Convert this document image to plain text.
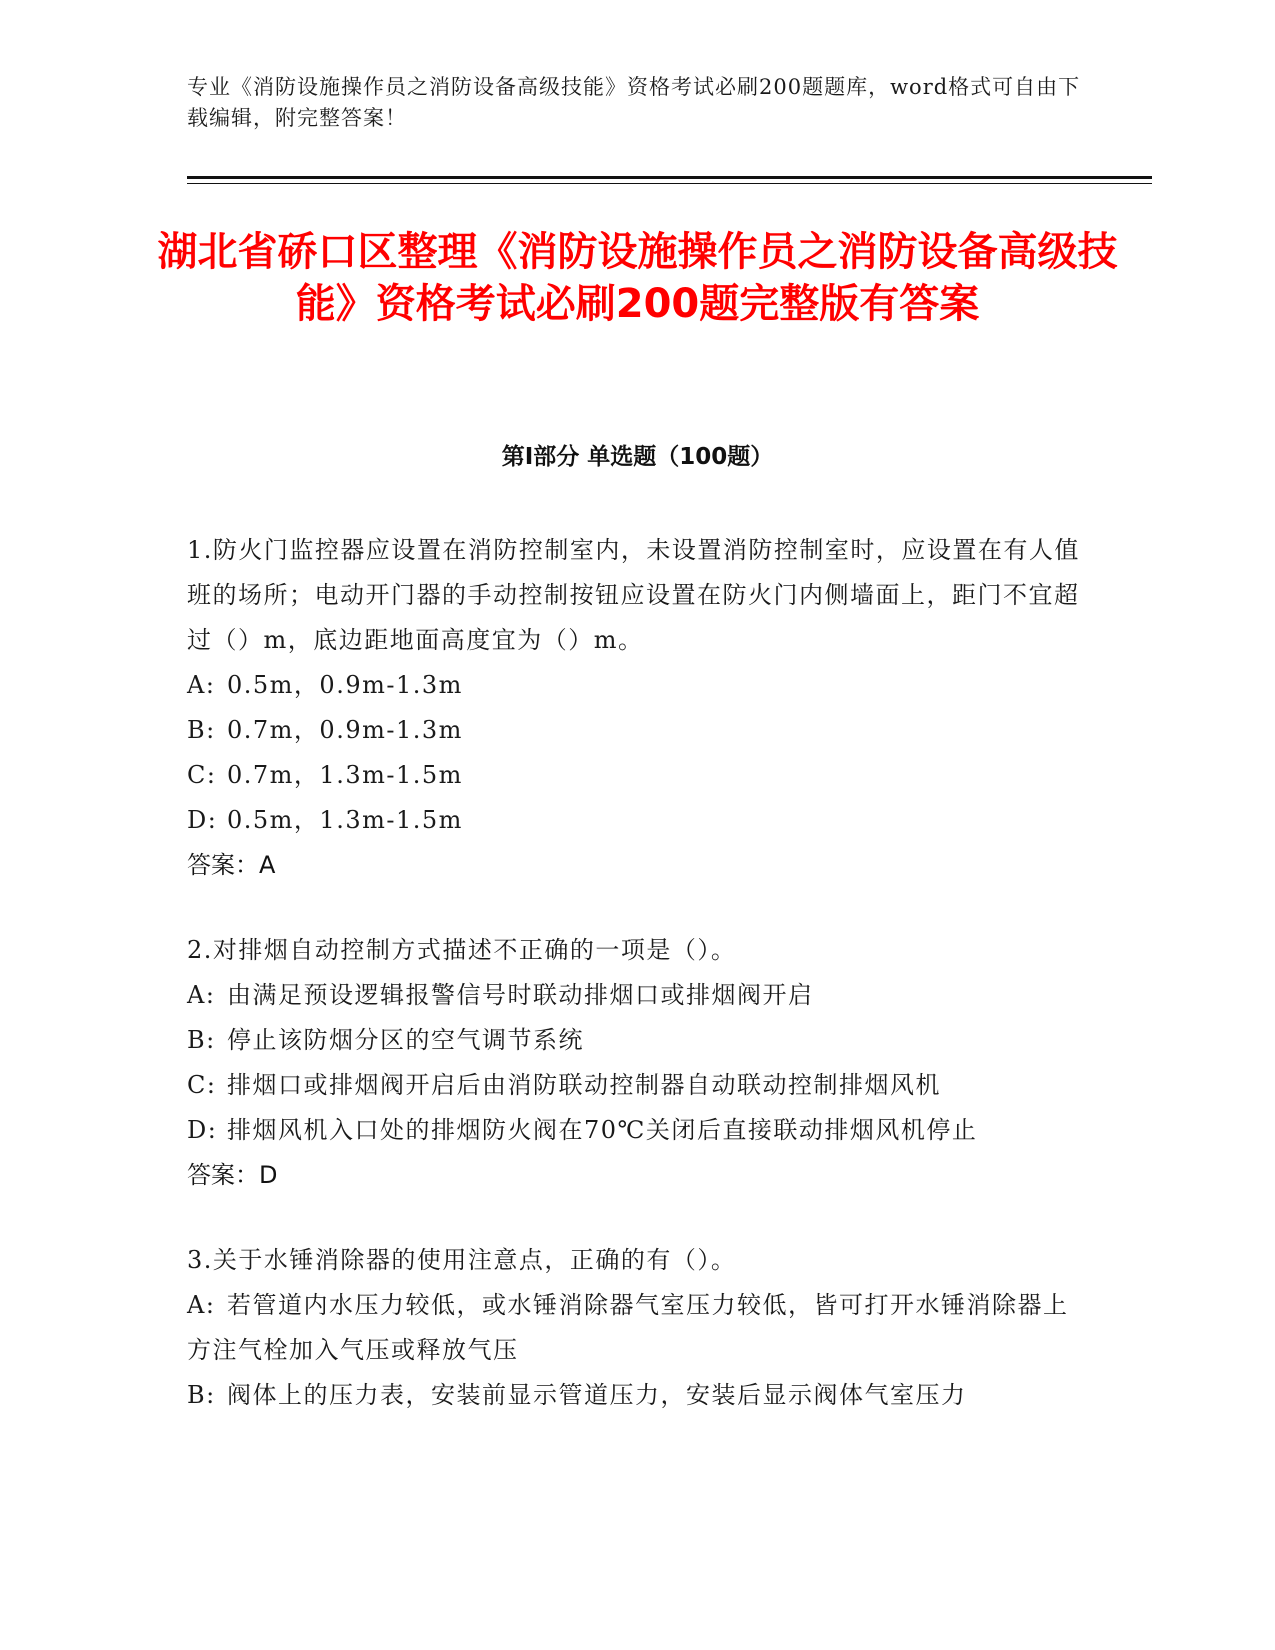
专业《消防设施操作员之消防设备高级技能》资格考试必刷200题题库，word格式可自由下载编辑，附完整答案！
湖北省硚口区整理《消防设施操作员之消防设备高级技能》资格考试必刷200题完整版有答案
第I部分 单选题（100题）
1.防火门监控器应设置在消防控制室内，未设置消防控制室时，应设置在有人值班的场所；电动开门器的手动控制按钮应设置在防火门内侧墙面上，距门不宜超过（）m，底边距地面高度宜为（）m。
A: 0.5m，0.9m-1.3m
B: 0.7m，0.9m-1.3m
C: 0.7m，1.3m-1.5m
D: 0.5m，1.3m-1.5m
答案：A
2.对排烟自动控制方式描述不正确的一项是（）。
A: 由满足预设逻辑报警信号时联动排烟口或排烟阀开启
B: 停止该防烟分区的空气调节系统
C: 排烟口或排烟阀开启后由消防联动控制器自动联动控制排烟风机
D: 排烟风机入口处的排烟防火阀在70℃关闭后直接联动排烟风机停止
答案：D
3.关于水锤消除器的使用注意点，正确的有（）。
A: 若管道内水压力较低，或水锤消除器气室压力较低，皆可打开水锤消除器上方注气栓加入气压或释放气压
B: 阀体上的压力表，安装前显示管道压力，安装后显示阀体气室压力
